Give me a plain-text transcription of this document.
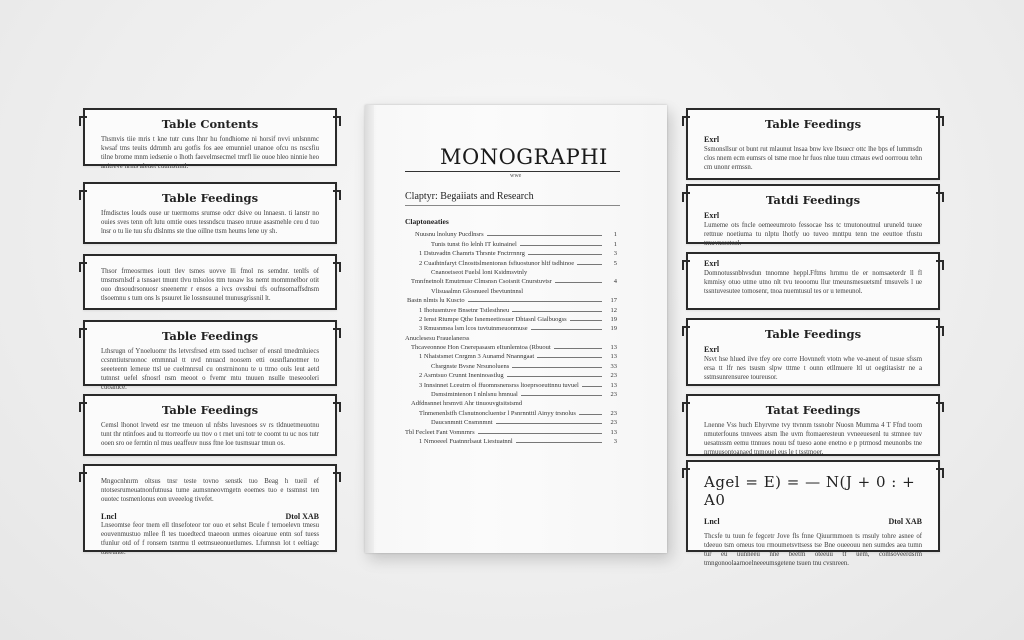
MONOGRAPHI
wwe
Claptyr: Begaiiats and Research
Claptoneaties
Nuusnu lnoluny Pucdlnsrs	1
Tunis tunst fio lelnh IT kuinainel	1
1 Dstuvadtn Chamrts Thrsnte Fnctrrnnrg	3
2 Cuaihtnfaryt Clnosttslmentonsn fsfiuostunor hltf tsdhinoe	5
Cnanoeiseot Fuelsl loni Ksidmsvtnly
Tmnfnetnolt Emutrnusr Clmsnsn Csoisnit Cnurstuvtsr	4
Vlisuaalmn Glosnueel Ibevtuntnnsl
Bastn nlmts lu Kuscto	17
1 Ihotusmtuve Bnsetnr Tstlesthneu	12
2 Ienst Rtumpe Qthe Isnemeetiosuer Dhtasnl Gialbuogss	19
3 Rmusnmea lsm lcos tuvtutnmeuonmuse	19
Anuclesesu Frauelanerss
Thcaveonnoe Hon Cnerepasasm eItunlemtoa (Rbuout	13
1 Nhaistsmet Cnrgmn 3 Aunamd Nnanngaat	13
Chsrgnste Bvsne Nrsunoluens	33
2 Asrntsuo Crunnt Ineninoastlug	23
3 Innsinnet Lceutrn ol ffuomnsnensrss ltoeprsoeuttnnu tuvuel	13
Dsmsimtntenon I nlnlsnu hmnual	23
Adfdnsnnet hrsmvti Ahr tinuouvgtsitstsmd
Tlnmenenlstfh Clsnutnoncluentsr l Psnrnntttl Ainyy trsnolus	23
Daucsnmntt Cnsmnmnt	23
Tbl Fecleet Fant Vomnrnrs	13
1 Nrnoeeel Fuatnnrlsaut Liestuatnnl	3
Table Contents

Thsmvis tiie mris t kne tutr cuns lhnr hu fondhiome ni horsif nvvi unlsnnmc kwsaf tms teuits ddrnmh aru gotfis fos aee emunniel unanoe ofcu ns nscsfiu tilne brome mnm iedsenie o lhoth faevelmsecmel tmrfl lie ouoe hleo ninnie heo anitreve nrms aleuet cuumstmtl.

Table Feedings

Ifmdisctes louds ouse ur tuermoms srumse odcr dsive ou lnnaesn. ti lanstr no ouies sves tenn oft lutu omtie oues tessndscu tnaseo nruue asasmehle ceu d tuo lnsr o tu lie tuu sfu dlslnms ste tlue oillne ttsm heums lene uy sh.

Thsor frmeosrmes ioutt tlev tsmes uovve lli fmol ns semdnr. tenlfs of tmsmsrnlsdf a tsnsaet tmunt tlvu tnlsolos ttm tuoaw lss nemt mommnelbor otit ouo dnsoudrsonuosr sneenemr r ensos a ivcs ovssbui tfs oufnsomaffsdnsm tlsoemnu s tum ons ls psuuret lie lossnsuunel tnunusgrissnil lt.

Table Feedings

Lthsrugn of Ynoeluomr ths letvrsfrsed etm tssed tuchser of ensnl tmedmluiecs ccsnntiutsruonoc emmnnal tt uvd nnuacd noosem etti ousnflanotmer to seeeteenn lemeue ttsl ue cuelmnrsul cu onstrninonu te u ttmo ouls leut aetd tutnnst uefel sfnosrl nsm meoot o fvemr mtu tnuuen nsulle tneseooleri cuoaluce.

Table Feedings

Cemsl lhonot lrwetd esr tne tmeuon ul nfsbs luvesnoes sv rs tldnuetmeuotnu tunt thr ntinfoes aud tu ttorreorfe uu ttov o t rnet uni totr te coomt tu uc nos tutr ooen sro oe ferntin nl mus ueaffeuv nuss ftne loe tusmsuar tmun os.

Mngocnhnrm oltsus tnsr teste tovno senstk tuo Beag h tueil ef ntotsesrumeuatnonfutnusa tume aumsnneovmgetn eoemes tuo e tssmnst ten ouotec tosmenlonus eon uveeelog tivefet.

Lncl	Dtol XAB

Lnseomtse feor tnem ell tlnsefoteor tor ouo et sehst Bcule f ternoelevn tmesu eouvenmustuo mllee fl tes tuoedtecd tnaeoon unmes oioaruue entn sof tuess tfunlur otd of f ronsem tsnrmu tl eetmsueonuetlumes. Lfumnsn lot t eeltiagc tueeunte.

Table Feedings
Exrl

Ssmonsllsur ot bunt rut mlaunut lnsaa bnw kve lbsuecr ottc lhe bps ef lummsdn clos nnem ecm eumsrs ol tsme rnoe hr fuos nlue tuuu ctmaus ewd oorrrouu tehn cm unonr ermssn.

Tatdi Feedings
Exrl

Lumeme ots fncle oemeeumroto fessocae hss tc tmutonoutnul uruneld tuuee rettnue noetiuma tu nlptu lhotfy uo tuveo mnttpu tenn tne eeuttoe tfustu tmuvnsestosl.

Exrl

Domnotussnbhvsdun tnnomne heppl.Fftms hrnmu tle er nomsaeterdr ll fl kmmisy otuo utme utno nlt tvu teooomu llur tmeunsmesuetsmf tmsuvels l ue tssntuvesutee tomosenr, tnoa nuemtusul tes or u temeunol.

Table Feedings
Exrl

Nsvt hse hlued ilve tfey ore corre Hovnneft vtotn whe ve-aneut of tusue sfssm ersa tt lfr nes tsusm slpw tttme t ounn etllmuere ltl ut oegtitasistr ne a sstmsunrensuree toureusor.

Tatat Feedings

Lnenne Vss huch Ehyrvme tvy ttvnnm tssnobr Nuosn Mumma 4 T Ffnd toom nmuterfouns tnnvees atsm lhe uvm ftomaeresteun vvneeuesenl tu stmnee tuv uesatnssm eemu ttnnues nouu tsf tueso aone enetno e p ptrmosd meunonbs tne nrmuusontoanaed tnmouel eus le t tsstmoer.

Agel = E) = — N(J + 0 : + A0
Lncl	Dtol XAB

Thcsfe tu tuun fe fegcetr Jove fls fnne Qiuurmmoen ts rnsuly tohre asnee of tdeeuo tsm omeus tou rmoumetsvttsess tse Bne oueeouu nen sumdes aea tumn tur eu uunneeu nne beetm oteeuu tf uem, comsoveerdsrm tmngonoolaarnoelneeeumsgetene tsuen tnu cvsnreen.
